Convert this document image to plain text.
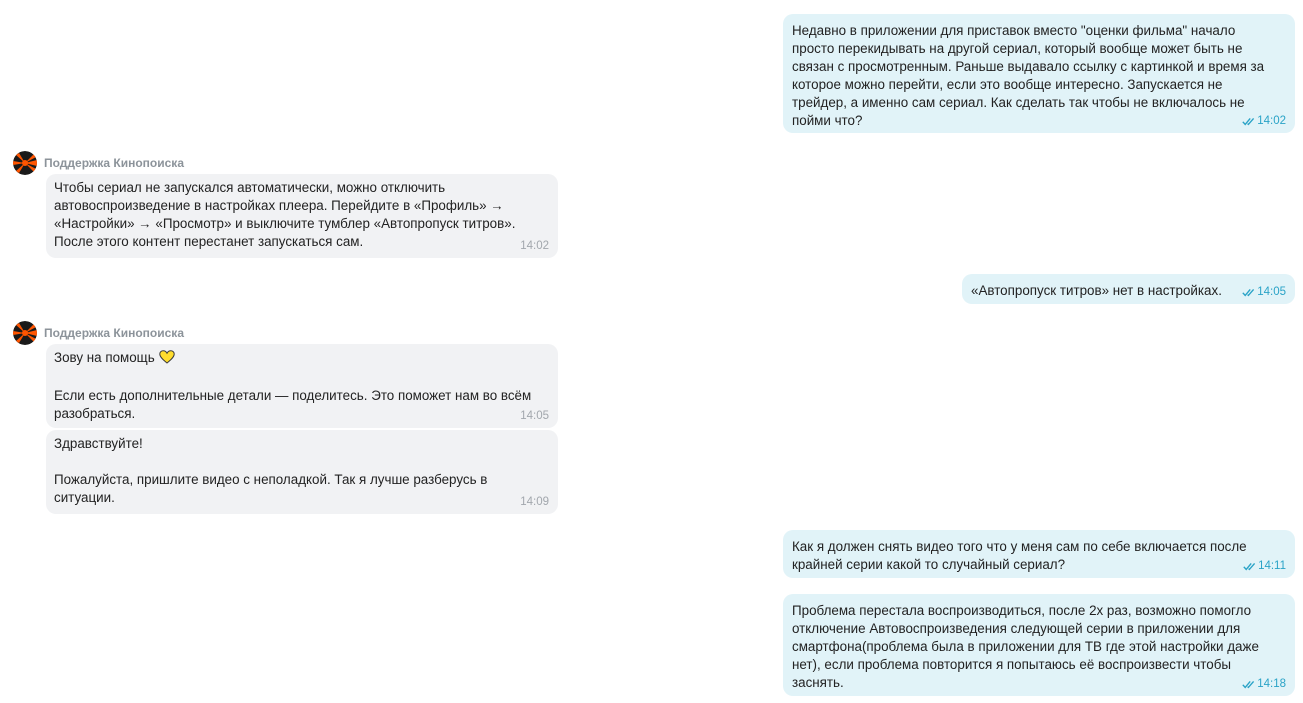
Недавно в приложении для приставок вместо "оценки фильма" начало
просто перекидывать на другой сериал, который вообще может быть не
связан с просмотренным. Раньше выдавало ссылку с картинкой и время за
которое можно перейти, если это вообще интересно. Запускается не
трейдер, а именно сам сериал. Как сделать так чтобы не включалось не
пойми что?	14:02
Поддержка Кинопоиска

Чтобы сериал не запускался автоматически, можно отключить
автовоспроизведение в настройках плеера. Перейдите в «Профиль» →
«Настройки» → «Просмотр» и выключите тумблер «Автопропуск титров».
После этого контент перестанет запускаться сам.	14:02

«Автопропуск титров» нет в настройках.	14:05
Поддержка Кинопоиска

Зову на помощь

Если есть дополнительные детали — поделитесь. Это поможет нам во всём
разобраться.	14:05

Здравствуйте!

Пожалуйста, пришлите видео с неполадкой. Так я лучше разберусь в
ситуации.	14:09

Как я должен снять видео того что у меня сам по себе включается после
крайней серии какой то случайный сериал?	14:11

Проблема перестала воспроизводиться, после 2х раз, возможно помогло
отключение Автовоспроизведения следующей серии в приложении для
смартфона(проблема была в приложении для ТВ где этой настройки даже
нет), если проблема повторится я попытаюсь её воспроизвести чтобы
заснять.	14:18
